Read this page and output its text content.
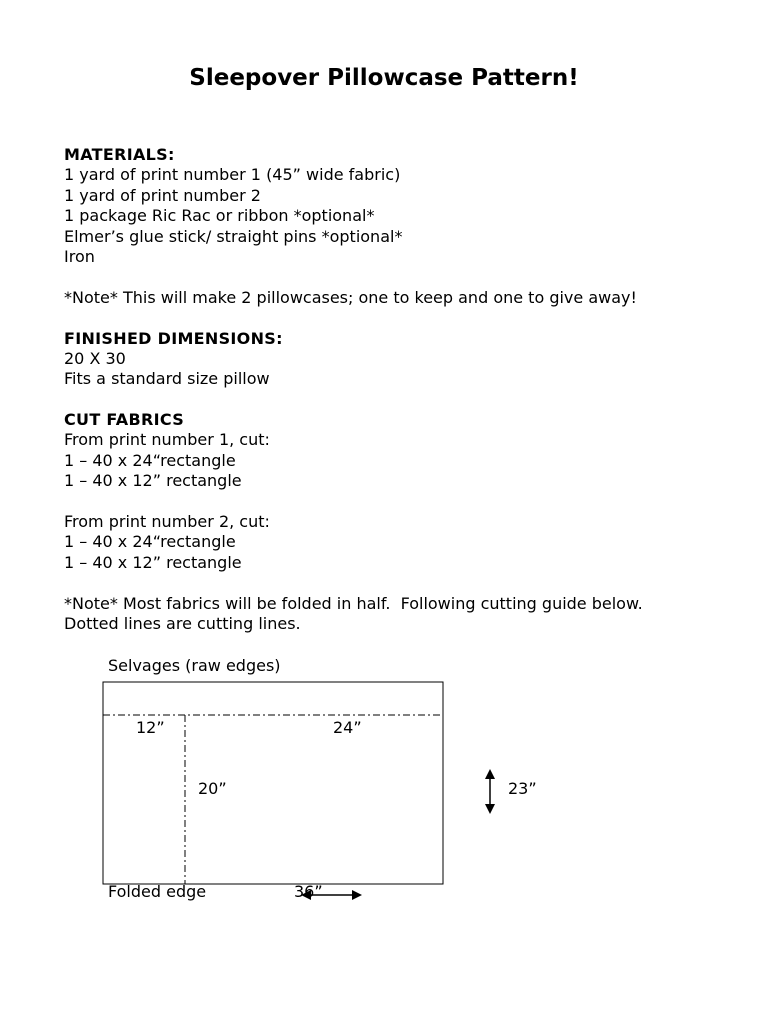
Sleepover Pillowcase Pattern!
MATERIALS:
1 yard of print number 1 (45” wide fabric)
1 yard of print number 2
1 package Ric Rac or ribbon *optional*
Elmer’s glue stick/ straight pins *optional*
Iron
*Note* This will make 2 pillowcases; one to keep and one to give away!
FINISHED DIMENSIONS:
20 X 30
Fits a standard size pillow
CUT FABRICS
From print number 1, cut:
1 – 40 x 24“rectangle
1 – 40 x 12” rectangle
From print number 2, cut:
1 – 40 x 24“rectangle
1 – 40 x 12” rectangle
*Note* Most fabrics will be folded in half.  Following cutting guide below.
Dotted lines are cutting lines.
Selvages (raw edges)
12”	24”
20”	23”
Folded edge	36”
